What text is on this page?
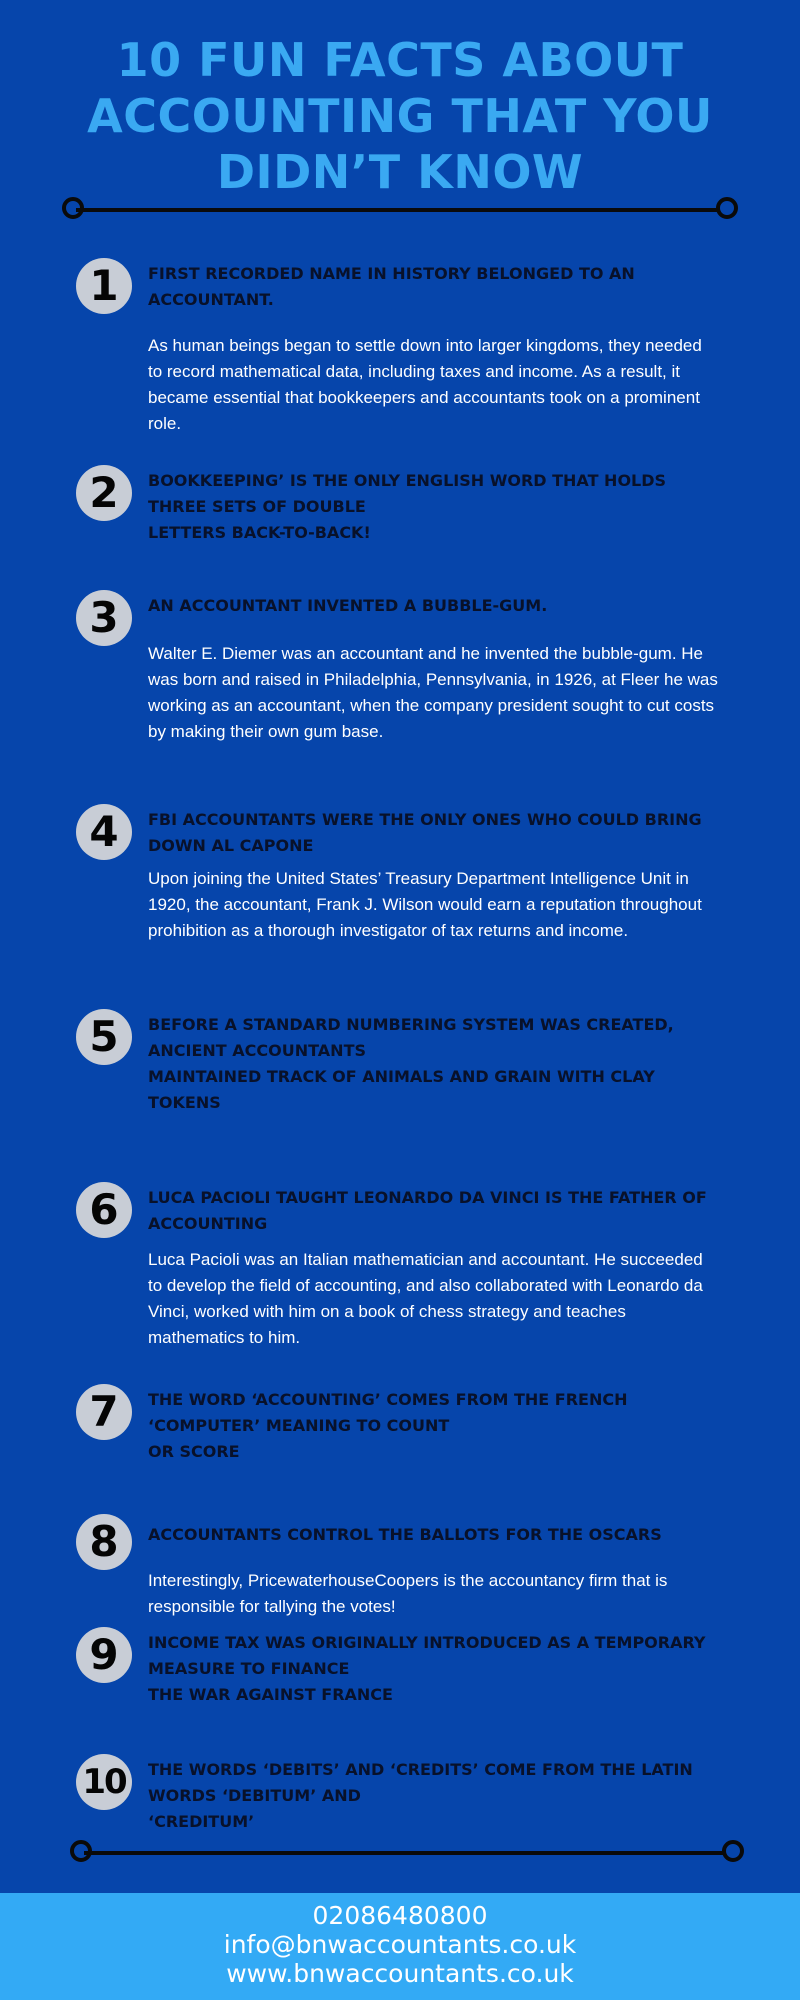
10 FUN FACTS ABOUT ACCOUNTING THAT YOU DIDN’T KNOW
1	FIRST RECORDED NAME IN HISTORY BELONGED TO AN ACCOUNTANT.

As human beings began to settle down into larger kingdoms, they needed to record mathematical data, including taxes and income. As a result, it became essential that bookkeepers and accountants took on a prominent role.

2	BOOKKEEPING’ IS THE ONLY ENGLISH WORD THAT HOLDS THREE SETS OF DOUBLE
LETTERS BACK-TO-BACK!

3	AN ACCOUNTANT INVENTED A BUBBLE-GUM.

Walter E. Diemer was an accountant and he invented the bubble-gum. He was born and raised in Philadelphia, Pennsylvania, in 1926, at Fleer he was working as an accountant, when the company president sought to cut costs by making their own gum base.

4	FBI ACCOUNTANTS WERE THE ONLY ONES WHO COULD BRING DOWN AL CAPONE

Upon joining the United States’ Treasury Department Intelligence Unit in 1920, the accountant, Frank J. Wilson would earn a reputation throughout prohibition as a thorough investigator of tax returns and income.

5	BEFORE A STANDARD NUMBERING SYSTEM WAS CREATED, ANCIENT ACCOUNTANTS
MAINTAINED TRACK OF ANIMALS AND GRAIN WITH CLAY TOKENS

6	LUCA PACIOLI TAUGHT LEONARDO DA VINCI IS THE FATHER OF ACCOUNTING

Luca Pacioli was an Italian mathematician and accountant. He succeeded to develop the field of accounting, and also collaborated with Leonardo da Vinci, worked with him on a book of chess strategy and teaches mathematics to him.

7	THE WORD ‘ACCOUNTING’ COMES FROM THE FRENCH ‘COMPUTER’ MEANING TO COUNT
OR SCORE

8	ACCOUNTANTS CONTROL THE BALLOTS FOR THE OSCARS

Interestingly, PricewaterhouseCoopers is the accountancy firm that is responsible for tallying the votes!

9	INCOME TAX WAS ORIGINALLY INTRODUCED AS A TEMPORARY MEASURE TO FINANCE
THE WAR AGAINST FRANCE

10	THE WORDS ‘DEBITS’ AND ‘CREDITS’ COME FROM THE LATIN WORDS ‘DEBITUM’ AND
‘CREDITUM’

02086480800
info@bnwaccountants.co.uk
www.bnwaccountants.co.uk
